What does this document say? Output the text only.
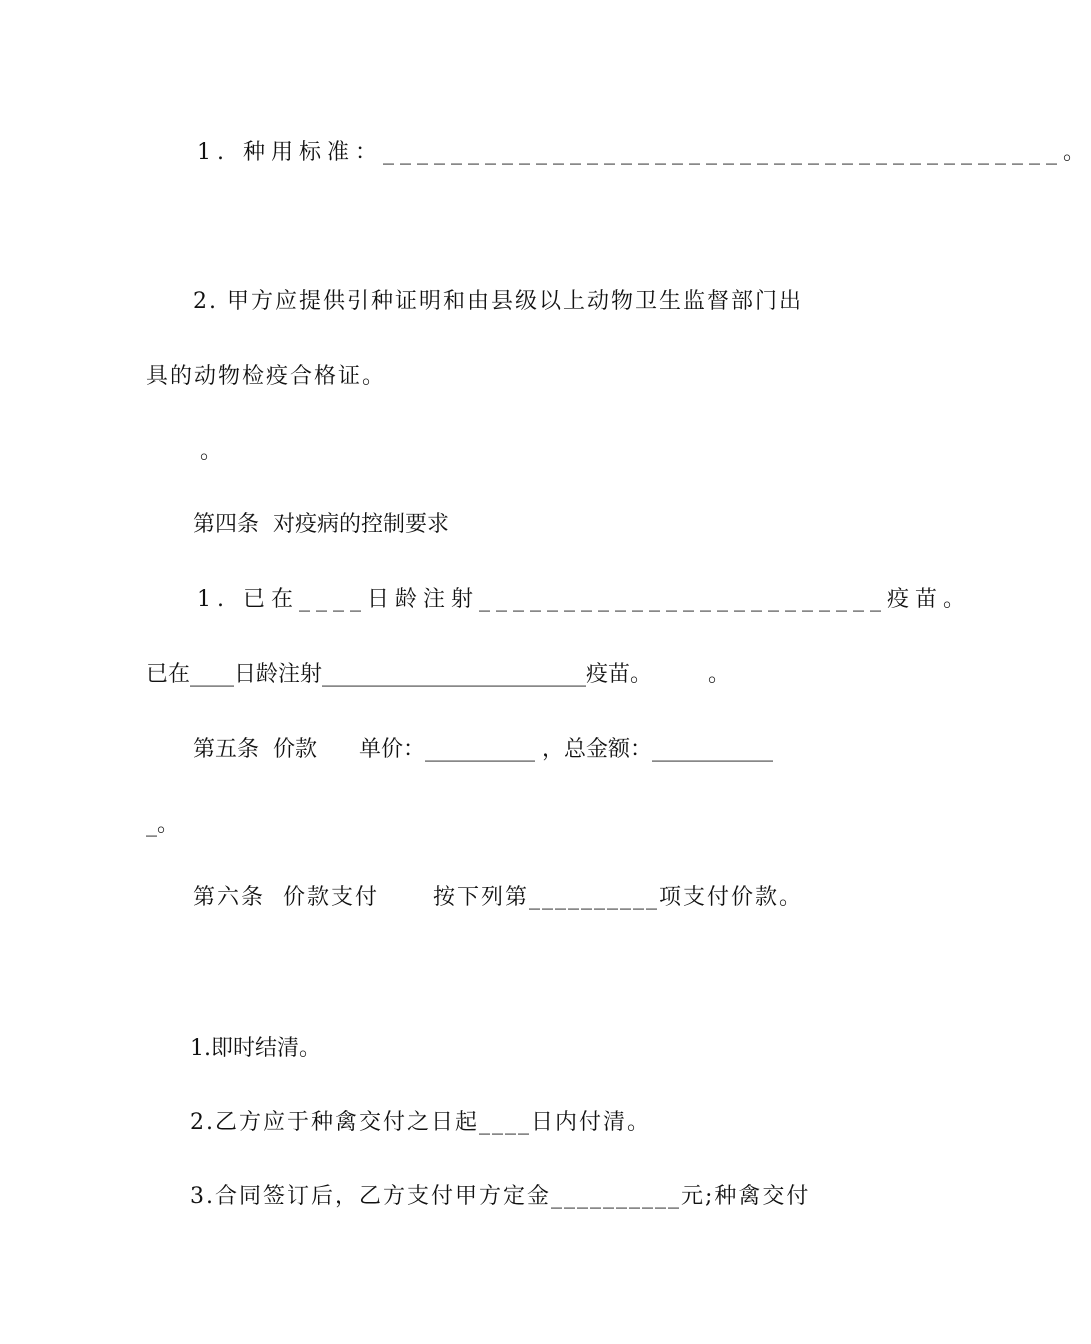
1. 种用标准：________________________________________。
2. 甲方应提供引种证明和由县级以上动物卫生监督部门出
具的动物检疫合格证。
。
第四条  对疫病的控制要求
1. 已在____日龄注射________________________疫苗。
已在____日龄注射________________________疫苗。        。
第五条  价款      单价：__________ ，总金额：___________
_。
第六条  价款支付      按下列第__________项支付价款。
1.即时结清。
2.乙方应于种禽交付之日起____日内付清。
3.合同签订后，乙方支付甲方定金__________元;种禽交付
